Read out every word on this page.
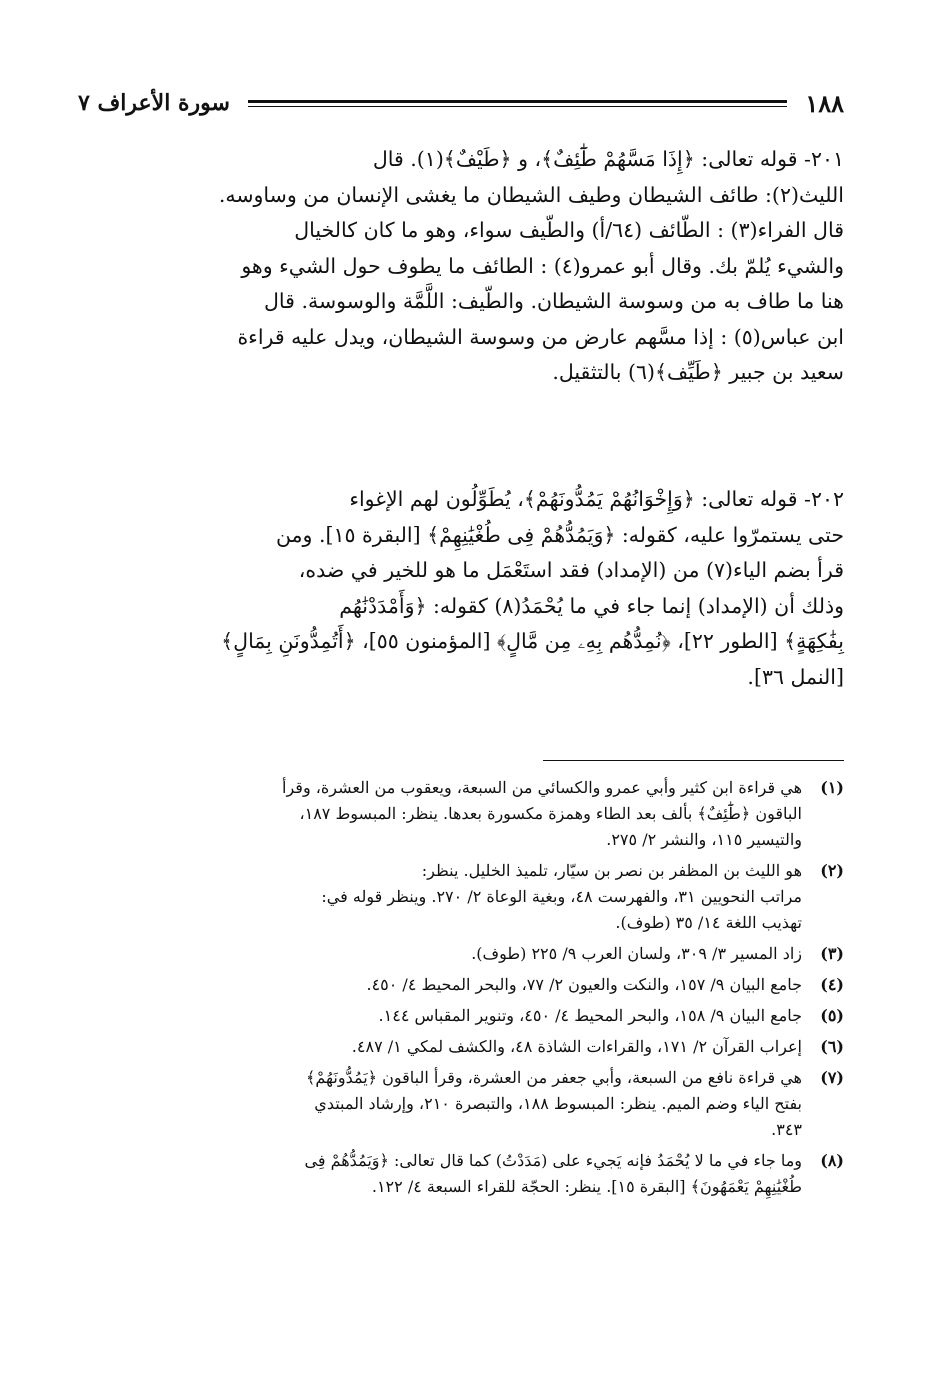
١٨٨
سورة الأعراف ٧

٢٠١- قوله تعالى: ﴿إِذَا مَسَّهُمْ طَٰٓئِفٌ﴾، و ﴿طَيْفٌ﴾(١). قال

الليث(٢): طائف الشيطان وطيف الشيطان ما يغشى الإنسان من وساوسه.

قال الفراء(٣) : الطّائف (٦٤/أ) والطّيف سواء، وهو ما كان كالخيال

والشيء يُلمّ بك. وقال أبو عمرو(٤) : الطائف ما يطوف حول الشيء وهو

هنا ما طاف به من وسوسة الشيطان. والطّيف: اللَّمَّة والوسوسة. قال

ابن عباس(٥) : إذا مسَّهم عارض من وسوسة الشيطان، ويدل عليه قراءة

سعيد بن جبير ﴿طَيِّف﴾(٦) بالتثقيل.

٢٠٢- قوله تعالى: ﴿وَإِخْوَانُهُمْ يَمُدُّونَهُمْ﴾، يُطَوِّلُون لهم الإغواء

حتى يستمرّوا عليه، كقوله: ﴿وَيَمُدُّهُمْ فِى طُغْيَٰنِهِمْ﴾ [البقرة ١٥]. ومن

قرأ بضم الياء(٧) من (الإمداد) فقد استَعْمَل ما هو للخير في ضده،

وذلك أن (الإمداد) إنما جاء في ما يُحْمَدُ(٨) كقوله: ﴿وَأَمْدَدْنَٰهُم

بِفَٰكِهَةٍ﴾ [الطور ٢٢]، ﴿نُمِدُّهُم بِهِۦ مِن مَّالٍ﴾ [المؤمنون ٥٥]، ﴿أَتُمِدُّونَنِ بِمَالٍ﴾

[النمل ٣٦].

(١)
هي قراءة ابن كثير وأبي عمرو والكسائي من السبعة، ويعقوب من العشرة، وقرأ
الباقون ﴿طَٰٓئِفٌ﴾ بألف بعد الطاء وهمزة مكسورة بعدها. ينظر: المبسوط ١٨٧،
والتيسير ١١٥، والنشر ٢/ ٢٧٥.
(٢)
هو الليث بن المظفر بن نصر بن سيّار، تلميذ الخليل. ينظر:
مراتب النحويين ٣١، والفهرست ٤٨، وبغية الوعاة ٢/ ٢٧٠. وينظر قوله في:
تهذيب اللغة ١٤/ ٣٥ (طوف).
(٣)
زاد المسير ٣/ ٣٠٩، ولسان العرب ٩/ ٢٢٥ (طوف).
(٤)
جامع البيان ٩/ ١٥٧، والنكت والعيون ٢/ ٧٧، والبحر المحيط ٤/ ٤٥٠.
(٥)
جامع البيان ٩/ ١٥٨، والبحر المحيط ٤/ ٤٥٠، وتنوير المقباس ١٤٤.
(٦)
إعراب القرآن ٢/ ١٧١، والقراءات الشاذة ٤٨، والكشف لمكي ١/ ٤٨٧.
(٧)
هي قراءة نافع من السبعة، وأبي جعفر من العشرة، وقرأ الباقون ﴿يَمُدُّونَهُمْ﴾
بفتح الياء وضم الميم. ينظر: المبسوط ١٨٨، والتبصرة ٢١٠، وإرشاد المبتدي
٣٤٣.
(٨)
وما جاء في ما لا يُحْمَدُ فإنه يَجيء على (مَدَدْتُ) كما قال تعالى: ﴿وَيَمُدُّهُمْ فِى
طُغْيَٰنِهِمْ يَعْمَهُونَ﴾ [البقرة ١٥]. ينظر: الحجّة للقراء السبعة ٤/ ١٢٢.
